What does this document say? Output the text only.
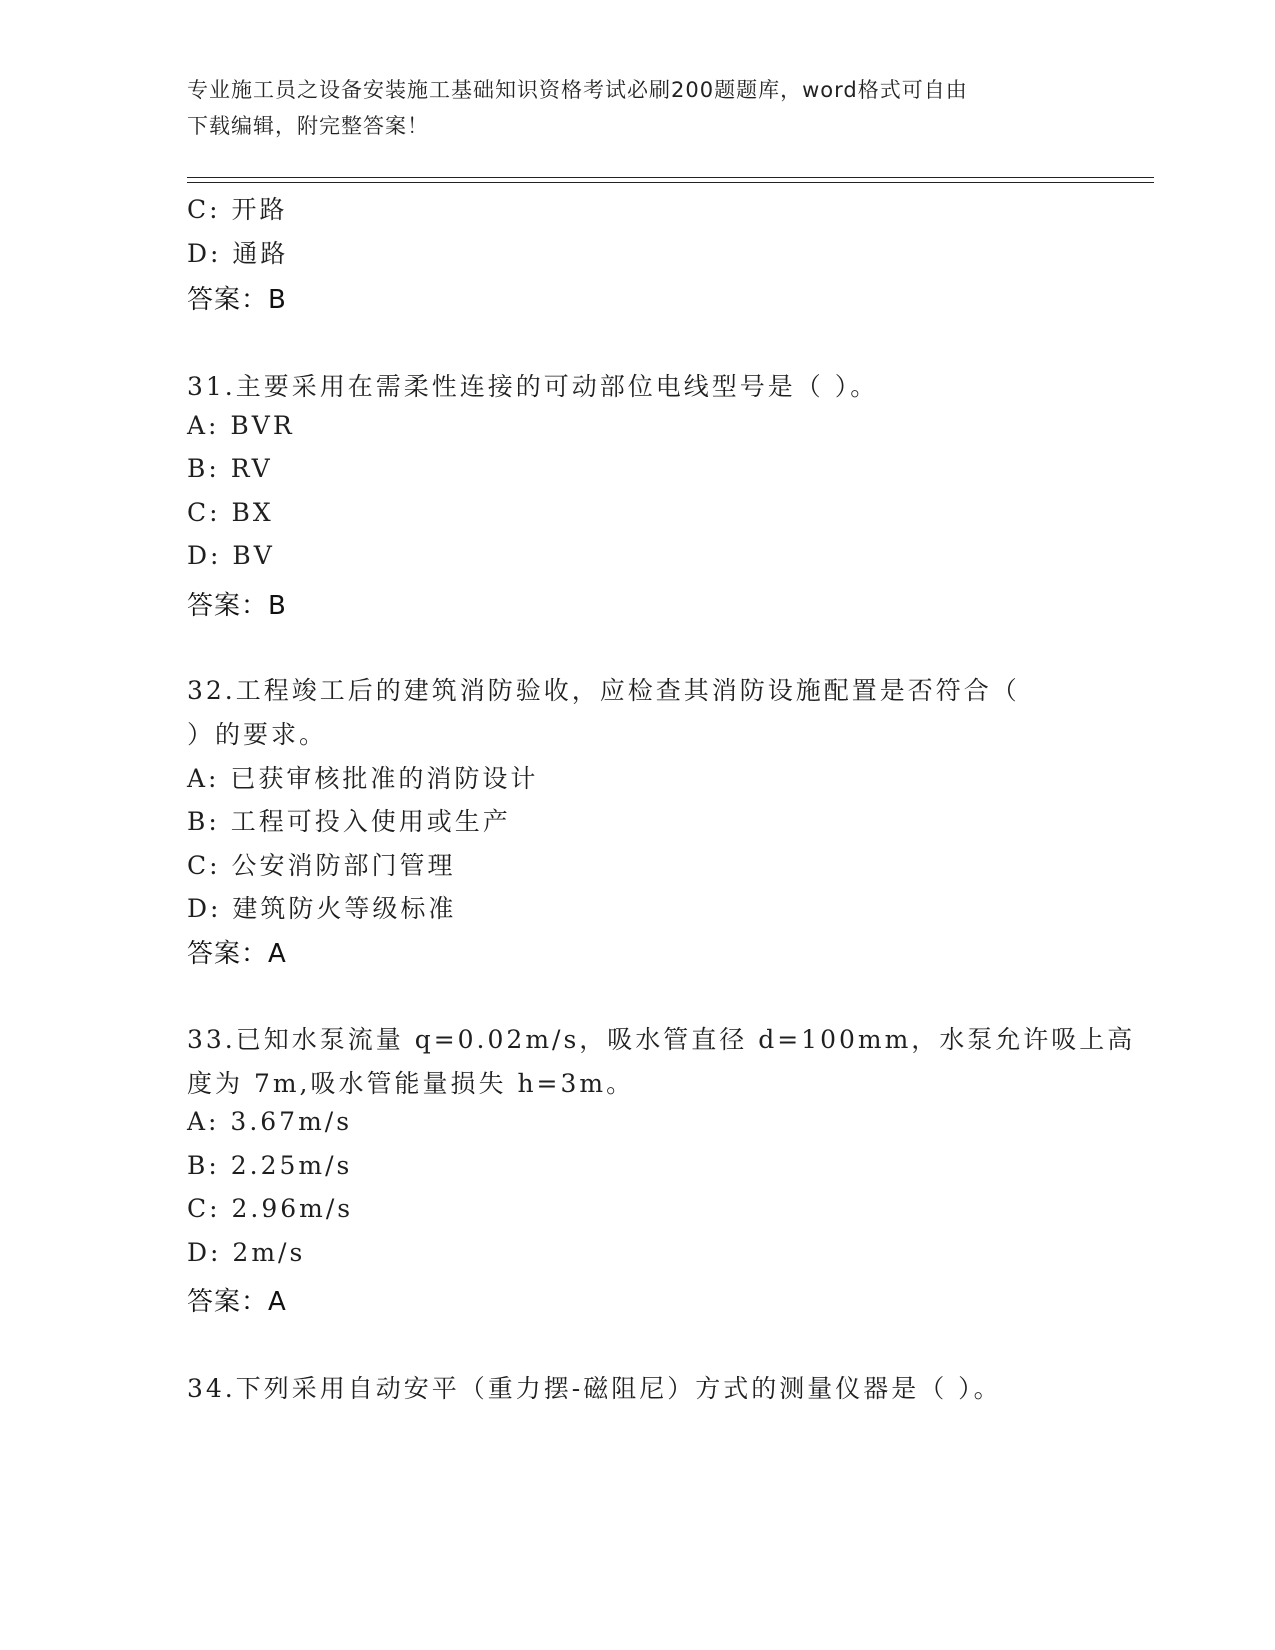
专业施工员之设备安装施工基础知识资格考试必刷200题题库，word格式可自由
下载编辑，附完整答案！
C: 开路
D: 通路
答案：B
31.主要采用在需柔性连接的可动部位电线型号是（ ）。
A: BVR
B: RV
C: BX
D: BV
答案：B
32.工程竣工后的建筑消防验收，应检查其消防设施配置是否符合（
）的要求。
A: 已获审核批准的消防设计
B: 工程可投入使用或生产
C: 公安消防部门管理
D: 建筑防火等级标准
答案：A
33.已知水泵流量 q=0.02m/s，吸水管直径 d=100mm，水泵允许吸上高
度为 7m,吸水管能量损失 h=3m。
A: 3.67m/s
B: 2.25m/s
C: 2.96m/s
D: 2m/s
答案：A
34.下列采用自动安平（重力摆-磁阻尼）方式的测量仪器是（ ）。
